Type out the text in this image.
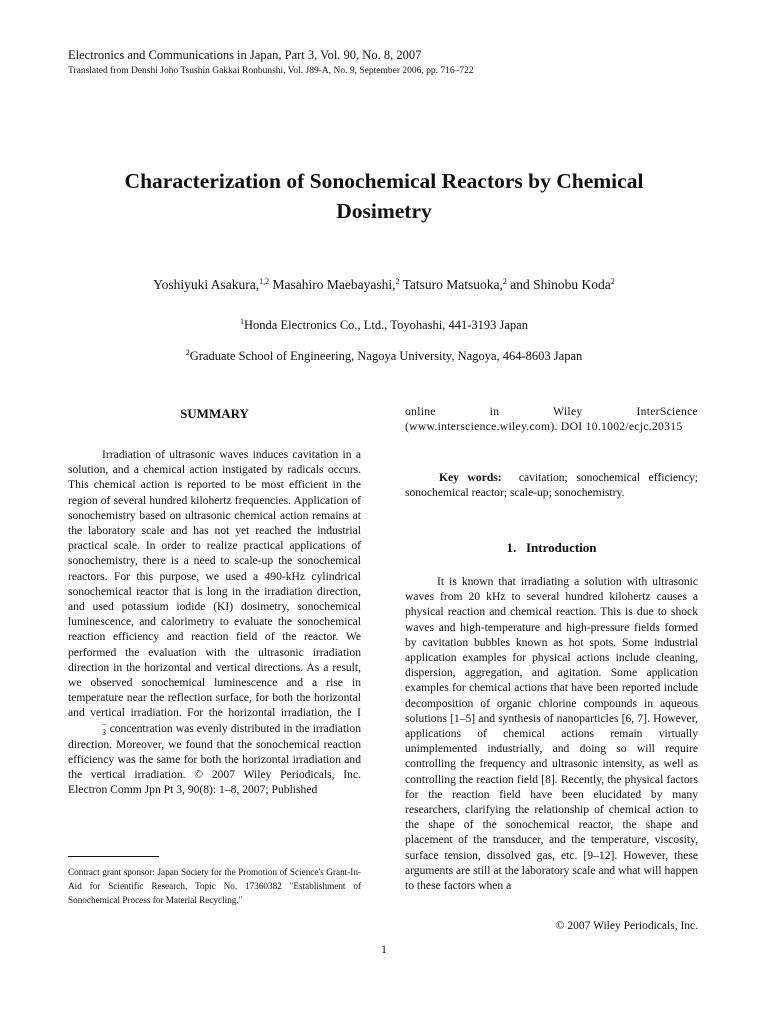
Electronics and Communications in Japan, Part 3, Vol. 90, No. 8, 2007
Translated from Denshi Joho Tsushin Gakkai Ronbunshi, Vol. J89-A, No. 9, September 2006, pp. 716–722
Characterization of Sonochemical Reactors by Chemical Dosimetry
Yoshiyuki Asakura,$^{1,2}$ Masahiro Maebayashi,$^2$ Tatsuro Matsuoka,$^2$ and Shinobu Koda$^2$
$^1$Honda Electronics Co., Ltd., Toyohashi, 441-3193 Japan
$^2$Graduate School of Engineering, Nagoya University, Nagoya, 464-8603 Japan
SUMMARY

Irradiation of ultrasonic waves induces cavitation in a solution, and a chemical action instigated by radicals occurs. This chemical action is reported to be most efficient in the region of several hundred kilohertz frequencies. Application of sonochemistry based on ultrasonic chemical action remains at the laboratory scale and has not yet reached the industrial practical scale. In order to realize practical applications of sonochemistry, there is a need to scale-up the sonochemical reactors. For this purpose, we used a 490-kHz cylindrical sonochemical reactor that is long in the irradiation direction, and used potassium iodide (KI) dosimetry, sonochemical luminescence, and calorimetry to evaluate the sonochemical reaction efficiency and reaction field of the reactor. We performed the evaluation with the ultrasonic irradiation direction in the horizontal and vertical directions. As a result, we observed sonochemical luminescence and a rise in temperature near the reflection surface, for both the horizontal and vertical irradiation. For the horizontal irradiation, the I
−
3 concentration was evenly distributed in the irradiation direction. Moreover, we found that the sonochemical reaction efficiency was the same for both the horizontal irradiation and the vertical irradiation. © 2007 Wiley Periodicals, Inc. Electron Comm Jpn Pt 3, 90(8): 1–8, 2007; Published

Contract grant sponsor: Japan Society for the Promotion of Science's Grant-In-Aid for Scientific Research, Topic No. 17360382 "Establishment of Sonochemical Process for Material Recycling."

online in Wiley InterScience (www.interscience.wiley.com). DOI 10.1002/ecjc.20315

Key words: cavitation; sonochemical efficiency; sonochemical reactor; scale-up; sonochemistry.

1.   Introduction

It is known that irradiating a solution with ultrasonic waves from 20 kHz to several hundred kilohertz causes a physical reaction and chemical reaction. This is due to shock waves and high-temperature and high-pressure fields formed by cavitation bubbles known as hot spots. Some industrial application examples for physical actions include cleaning, dispersion, aggregation, and agitation. Some application examples for chemical actions that have been reported include decomposition of organic chlorine compounds in aqueous solutions [1–5] and synthesis of nanoparticles [6, 7]. However, applications of chemical actions remain virtually unimplemented industrially, and doing so will require controlling the frequency and ultrasonic intensity, as well as controlling the reaction field [8]. Recently, the physical factors for the reaction field have been elucidated by many researchers, clarifying the relationship of chemical action to the shape of the sonochemical reactor, the shape and placement of the transducer, and the temperature, viscosity, surface tension, dissolved gas, etc. [9–12]. However, these arguments are still at the laboratory scale and what will happen to these factors when a

© 2007 Wiley Periodicals, Inc.
1
